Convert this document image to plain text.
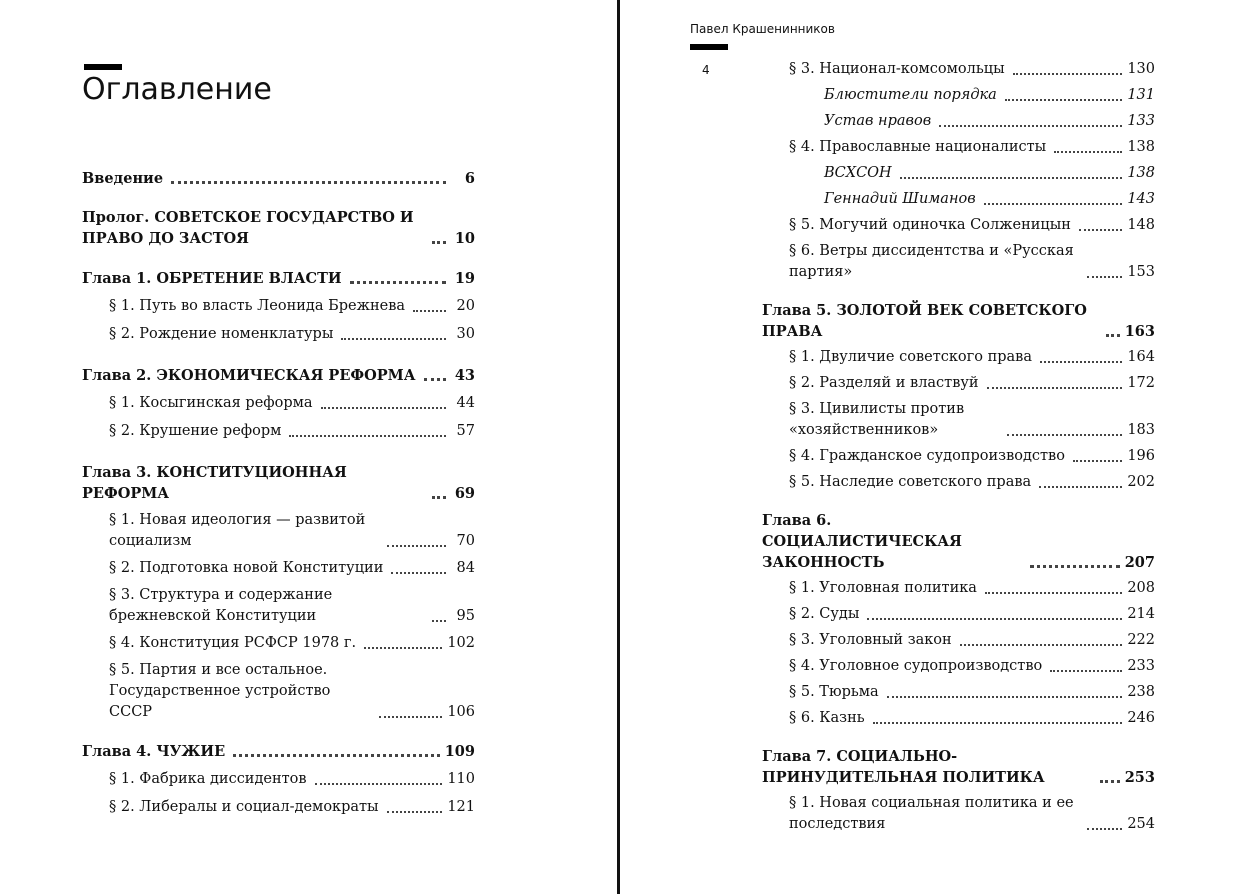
Оглавление
Введение	6
Пролог. СОВЕТСКОЕ ГОСУДАРСТВО И ПРАВО ДО ЗАСТОЯ	10
Глава 1. ОБРЕТЕНИЕ ВЛАСТИ	19
§ 1. Путь во власть Леонида Брежнева	20
§ 2. Рождение номенклатуры	30
Глава 2. ЭКОНОМИЧЕСКАЯ РЕФОРМА	43
§ 1. Косыгинская реформа	44
§ 2. Крушение реформ	57
Глава 3. КОНСТИТУЦИОННАЯ РЕФОРМА	69
§ 1. Новая идеология — развитой социализм	70
§ 2. Подготовка новой Конституции	84
§ 3. Структура и содержание брежневской Конституции	95
§ 4. Конституция РСФСР 1978 г.	102
§ 5. Партия и все остальное. Государственное устройство СССР	106
Глава 4. ЧУЖИЕ	109
§ 1. Фабрика диссидентов	110
§ 2. Либералы и социал-демократы	121
Павел Крашенинников
4	§ 3. Национал-комсомольцы	130
Блюстители порядка	131
Устав нравов	133
§ 4. Православные националисты	138
ВСХСОН	138
Геннадий Шиманов	143
§ 5. Могучий одиночка Солженицын	148
§ 6. Ветры диссидентства и «Русская партия»	153
Глава 5. ЗОЛОТОЙ ВЕК СОВЕТСКОГО ПРАВА	163
§ 1. Двуличие советского права	164
§ 2. Разделяй и властвуй	172
§ 3. Цивилисты против «хозяйственников»	183
§ 4. Гражданское судопроизводство	196
§ 5. Наследие советского права	202
Глава 6. СОЦИАЛИСТИЧЕСКАЯ ЗАКОННОСТЬ	207
§ 1. Уголовная политика	208
§ 2. Суды	214
§ 3. Уголовный закон	222
§ 4. Уголовное судопроизводство	233
§ 5. Тюрьма	238
§ 6. Казнь	246
Глава 7. СОЦИАЛЬНО-ПРИНУДИТЕЛЬНАЯ ПОЛИТИКА	253
§ 1. Новая социальная политика и ее последствия	254
